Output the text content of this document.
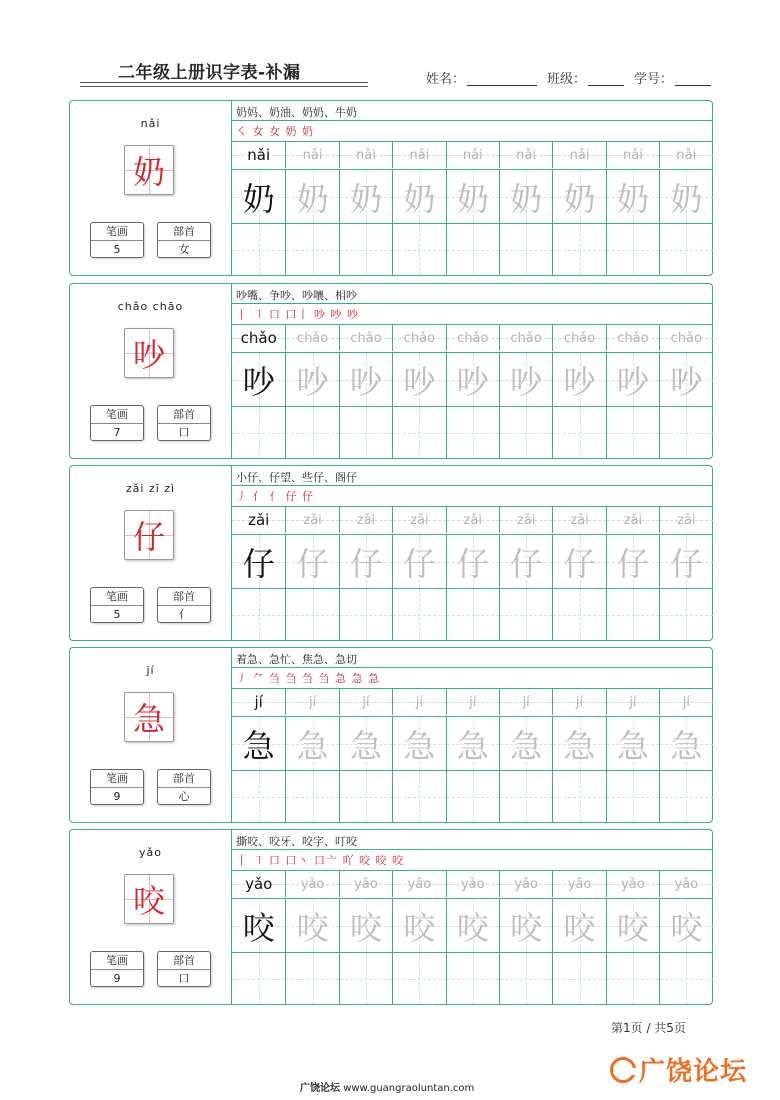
二年级上册识字表-补漏	姓名：	班级：	学号：
nǎi
奶
笔画
5
部首
女
奶妈、奶油、奶奶、牛奶
㇛ 女 女 奶 奶
nǎi	nǎi	nǎi	nǎi	nǎi	nǎi	nǎi	nǎi	nǎi
奶 奶 奶 奶 奶 奶 奶 奶 奶
chǎo chāo
吵
笔画
7
部首
口
吵嘴、争吵、吵嚷、相吵
丨 ㇕ 口 口丨 吵 吵 吵
chǎo chǎo chǎo chǎo chǎo chǎo chǎo chǎo chǎo
吵 吵 吵 吵 吵 吵 吵 吵 吵
zǎi zī zì
仔
笔画
5
部首
亻
小仔、仔望、些仔、阁仔
丿 亻 亻 仔 仔
zǎi	zǎi	zǎi	zǎi	zǎi	zǎi	zǎi	zǎi	zǎi
仔 仔 仔 仔 仔 仔 仔 仔 仔
jí
急
笔画
9
部首
心
着急、急忙、焦急、急切
丿 ⺈ 刍 刍 刍 刍 急 急 急
jí	jí	jí	jí	jí	jí	jí	jí	jí
急 急 急 急 急 急 急 急 急
yǎo
咬
笔画
9
部首
口
撕咬、咬牙、咬字、叮咬
丨 ㇕ 口 口丶 口亠 吖 咬 咬 咬
yǎo yǎo yǎo yǎo yǎo yǎo yǎo yǎo yǎo
咬 咬 咬 咬 咬 咬 咬 咬 咬
第1页 / 共5页
广饶论坛 www.guangraoluntan.com
广饶论坛
